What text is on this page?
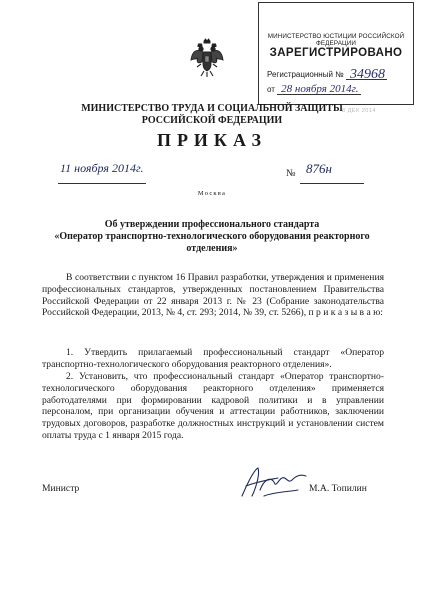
МИНИСТЕРСТВО ЮСТИЦИИ РОССИЙСКОЙ ФЕДЕРАЦИИ
ЗАРЕГИСТРИРОВАНО
Регистрационный № 34968
от 28 ноября 2014г.
8 ДЕК 2014
МИНИСТЕРСТВО ТРУДА И СОЦИАЛЬНОЙ ЗАЩИТЫ
РОССИЙСКОЙ ФЕДЕРАЦИИ
ПРИКАЗ
11 ноября 2014г.	№ 876н
Москва
Об утверждении профессионального стандарта
«Оператор транспортно-технологического оборудования реакторного
отделения»
В соответствии с пунктом 16 Правил разработки, утверждения и применения профессиональных стандартов, утвержденных постановлением Правительства Российской Федерации от 22 января 2013 г. № 23 (Собрание законодательства Российской Федерации, 2013, № 4, ст. 293; 2014, № 39, ст. 5266), п р и к а з ы в а ю:
1. Утвердить прилагаемый профессиональный стандарт «Оператор транспортно-технологического оборудования реакторного отделения».
2. Установить, что профессиональный стандарт «Оператор транспортно-технологического оборудования реакторного отделения» применяется работодателями при формировании кадровой политики и в управлении персоналом, при организации обучения и аттестации работников, заключении трудовых договоров, разработке должностных инструкций и установлении систем оплаты труда с 1 января 2015 года.
Министр	М.А. Топилин
